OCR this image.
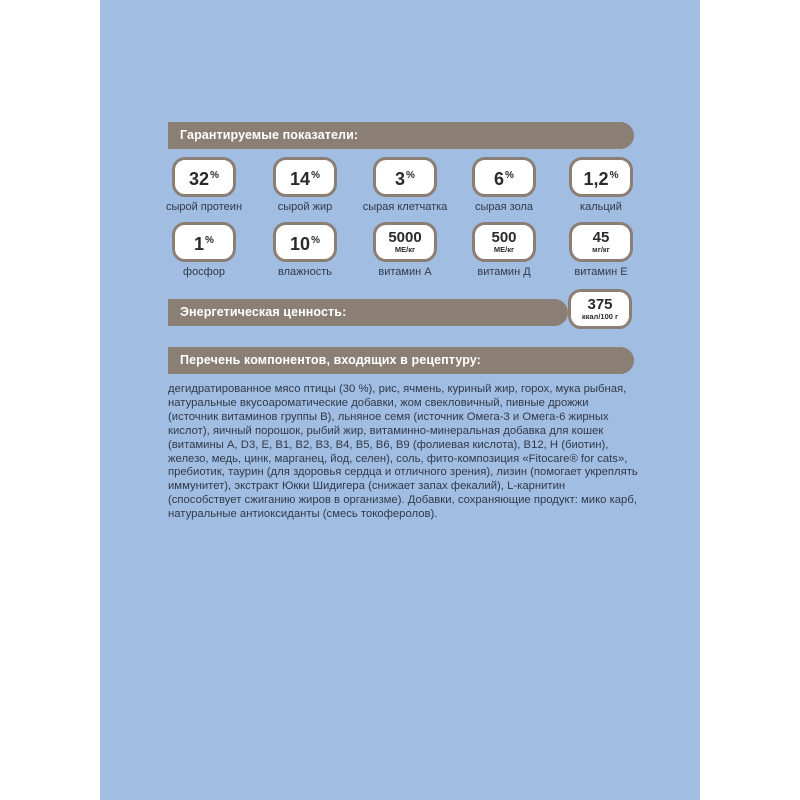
Гарантируемые показатели:
32%
сырой протеин
14%
сырой жир
3%
сырая клетчатка
6%
сырая зола
1,2%
кальций
1%
фосфор
10%
влажность
5000
МЕ/кг
витамин А
500
МЕ/кг
витамин Д
45
мг/кг
витамин Е
Энергетическая ценность:	375
ккал/100 г
Перечень компонентов, входящих в рецептуру:
дегидратированное мясо птицы (30 %), рис, ячмень, куриный жир, горох, мука рыбная, натуральные вкусоароматические добавки, жом свекловичный, пивные дрожжи (источник витаминов группы В), льняное семя (источник Омега-3 и Омега-6 жирных кислот), яичный порошок, рыбий жир, витаминно-минеральная добавка для кошек (витамины А, D3, Е, В1, В2, В3, В4, В5, В6, В9 (фолиевая кислота), В12, Н (биотин), железо, медь, цинк, марганец, йод, селен), соль, фито-композиция «Fitocare® for cats», пребиотик, таурин (для здоровья сердца и отличного зрения), лизин (помогает укреплять иммунитет), экстракт Юкки Шидигера (снижает запах фекалий), L-карнитин (способствует сжиганию жиров в организме). Добавки, сохраняющие продукт: мико карб, натуральные антиоксиданты (смесь токоферолов).
